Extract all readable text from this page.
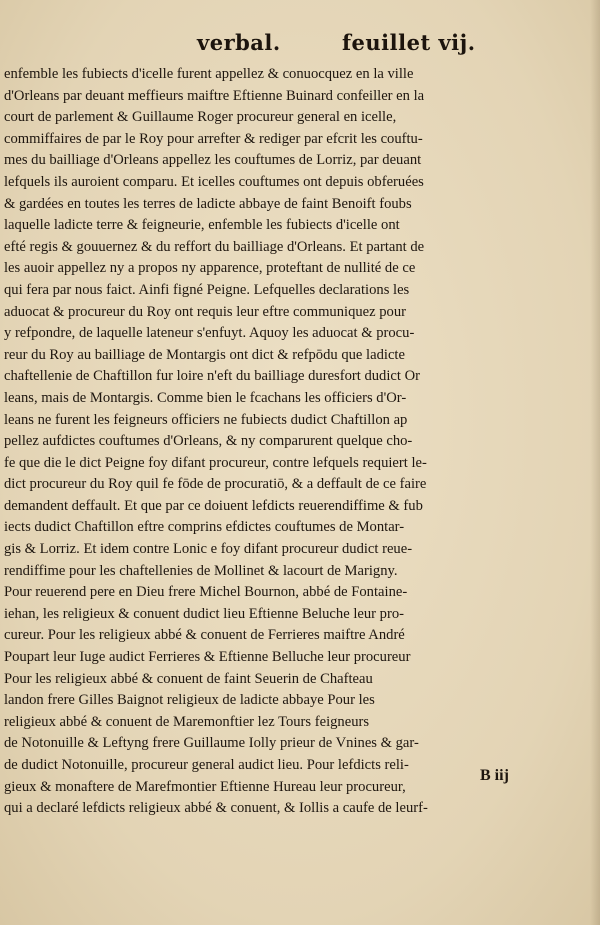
verbal.	feuillet vij.
enfemble les fubiects d'icelle furent appellez & conuocquez en la ville
d'Orleans par deuant meffieurs maiftre Eftienne Buinard confeiller en la
court de parlement & Guillaume Roger procureur general en icelle,
commiffaires de par le Roy pour arrefter & rediger par efcrit les couftu-
mes du bailliage d'Orleans appellez les couftumes de Lorriz, par deuant
lefquels ils auroient comparu. Et icelles couftumes ont depuis obferuées
& gardées en toutes les terres de ladicte abbaye de faint Benoift foubs
laquelle ladicte terre & feigneurie, enfemble les fubiects d'icelle ont
efté regis & gouuernez & du reffort du bailliage d'Orleans. Et partant de
les auoir appellez ny a propos ny apparence, proteftant de nullité de ce
qui fera par nous faict. Ainfi figné Peigne. Lefquelles declarations les
aduocat & procureur du Roy ont requis leur eftre communiquez pour
y refpondre, de laquelle lateneur s'enfuyt. Aquoy les aduocat & procu-
reur du Roy au bailliage de Montargis ont dict & refpōdu que ladicte
chaftellenie de Chaftillon fur loire n'eft du bailliage duresfort dudict Or
leans, mais de Montargis. Comme bien le fcachans les officiers d'Or-
leans ne furent les feigneurs officiers ne fubiects dudict Chaftillon ap
pellez aufdictes couftumes d'Orleans, & ny comparurent quelque cho-
fe que die le dict Peigne foy difant procureur, contre lefquels requiert le-
dict procureur du Roy quil fe fōde de procuratiō, & a deffault de ce faire
demandent deffault. Et que par ce doiuent lefdicts reuerendiffime & fub
iects dudict Chaftillon eftre comprins efdictes couftumes de Montar-
gis & Lorriz. Et idem contre Lonic e foy difant procureur dudict reue-
rendiffime pour les chaftellenies de Mollinet & lacourt de Marigny.
Pour reuerend pere en Dieu frere Michel Bournon, abbé de Fontaine-
iehan, les religieux & conuent dudict lieu Eftienne Beluche leur pro-
cureur. Pour les religieux abbé & conuent de Ferrieres maiftre André
Poupart leur Iuge audict Ferrieres & Eftienne Belluche leur procureur
Pour les religieux abbé & conuent de faint Seuerin de Chafteau
landon frere Gilles Baignot religieux de ladicte abbaye Pour les
religieux abbé & conuent de Maremonftier lez Tours feigneurs
de Notonuille & Leftyng frere Guillaume Iolly prieur de Vnines & gar-
de dudict Notonuille, procureur general audict lieu. Pour lefdicts reli-
gieux & monaftere de Marefmontier Eftienne Hureau leur procureur,
qui a declaré lefdicts religieux abbé & conuent, & Iollis a caufe de leurf-
B iij
